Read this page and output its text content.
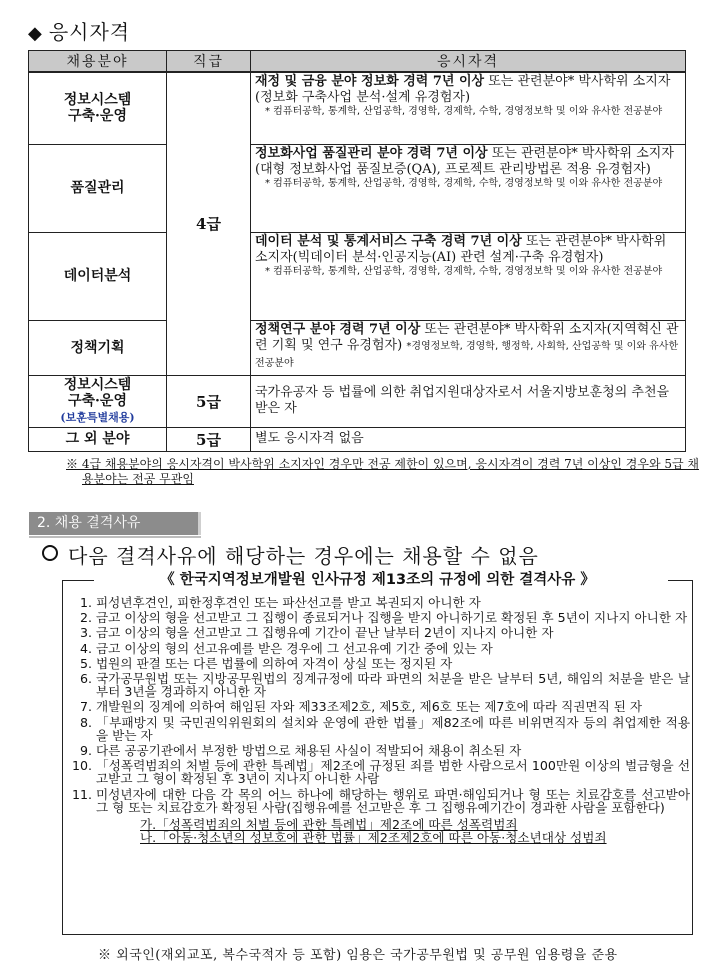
◆ 응시자격
채용분야	직급	응시자격
정보시스템
구축·운영	4급	재정 및 금융 분야 정보화 경력 7년 이상 또는 관련분야* 박사학위 소지자(정보화 구축사업 분석·설계 유경험자)
* 컴퓨터공학, 통계학, 산업공학, 경영학, 경제학, 수학, 경영정보학 및 이와 유사한 전공분야

품질관리		정보화사업 품질관리 분야 경력 7년 이상 또는 관련분야* 박사학위 소지자(대형 정보화사업 품질보증(QA), 프로젝트 관리방법론 적용 유경험자)
* 컴퓨터공학, 통계학, 산업공학, 경영학, 경제학, 수학, 경영정보학 및 이와 유사한 전공분야

데이터분석		데이터 분석 및 통계서비스 구축 경력 7년 이상 또는 관련분야* 박사학위 소지자(빅데이터 분석·인공지능(AI) 관련 설계·구축 유경험자)
* 컴퓨터공학, 통계학, 산업공학, 경영학, 경제학, 수학, 경영정보학 및 이와 유사한 전공분야

정책기획		정책연구 분야 경력 7년 이상 또는 관련분야* 박사학위 소지자(지역혁신 관련 기획 및 연구 유경험자) *경영정보학, 경영학, 행정학, 사회학, 산업공학 및 이와 유사한 전공분야
정보시스템
구축·운영
(보훈특별채용)	5급	국가유공자 등 법률에 의한 취업지원대상자로서 서울지방보훈청의 추천을 받은 자
그 외 분야	5급	별도 응시자격 없음
※ 4급 채용분야의 응시자격이 박사학위 소지자인 경우만 전공 제한이 있으며, 응시자격이 경력 7년 이상인 경우와 5급 채용분야는 전공 무관임
2. 채용 결격사유
다음 결격사유에 해당하는 경우에는 채용할 수 없음
《 한국지역정보개발원 인사규정 제13조의 규정에 의한 결격사유 》
1. 피성년후견인, 피한정후견인 또는 파산선고를 받고 복권되지 아니한 자
2. 금고 이상의 형을 선고받고 그 집행이 종료되거나 집행을 받지 아니하기로 확정된 후 5년이 지나지 아니한 자
3. 금고 이상의 형을 선고받고 그 집행유예 기간이 끝난 날부터 2년이 지나지 아니한 자
4. 금고 이상의 형의 선고유예를 받은 경우에 그 선고유예 기간 중에 있는 자
5. 법원의 판결 또는 다른 법률에 의하여 자격이 상실 또는 정지된 자
6. 국가공무원법 또는 지방공무원법의 징계규정에 따라 파면의 처분을 받은 날부터 5년, 해임의 처분을 받은 날부터 3년을 경과하지 아니한 자
7. 개발원의 징계에 의하여 해임된 자와 제33조제2호, 제5호, 제6호 또는 제7호에 따라 직권면직 된 자
8. 「부패방지 및 국민권익위원회의 설치와 운영에 관한 법률」제82조에 따른 비위면직자 등의 취업제한 적용을 받는 자
9. 다른 공공기관에서 부정한 방법으로 채용된 사실이 적발되어 채용이 취소된 자
10. 「성폭력범죄의 처벌 등에 관한 특례법」제2조에 규정된 죄를 범한 사람으로서 100만원 이상의 벌금형을 선고받고 그 형이 확정된 후 3년이 지나지 아니한 사람
11. 미성년자에 대한 다음 각 목의 어느 하나에 해당하는 행위로 파면·해임되거나 형 또는 치료감호를 선고받아 그 형 또는 치료감호가 확정된 사람(집행유예를 선고받은 후 그 집행유예기간이 경과한 사람을 포함한다)
가.「성폭력범죄의 처벌 등에 관한 특례법」제2조에 따른 성폭력범죄
나.「아동·청소년의 성보호에 관한 법률」제2조제2호에 따른 아동·청소년대상 성범죄
※ 외국인(재외교포, 복수국적자 등 포함) 임용은 국가공무원법 및 공무원 임용령을 준용
